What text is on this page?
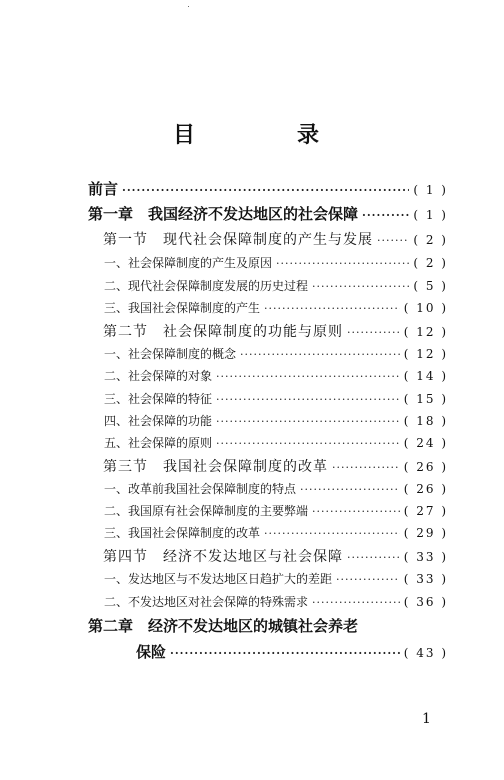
目　录
前言 ·····	( 1 )
第一章　我国经济不发达地区的社会保障 ·····	( 1 )
第一节　现代社会保障制度的产生与发展 ·····	( 2 )
一、社会保障制度的产生及原因 ·····	( 2 )
二、现代社会保障制度发展的历史过程 ·····	( 5 )
三、我国社会保障制度的产生 ·····	( 10 )
第二节　社会保障制度的功能与原则 ·····	( 12 )
一、社会保障制度的概念 ·····	( 12 )
二、社会保障的对象 ·····	( 14 )
三、社会保障的特征 ·····	( 15 )
四、社会保障的功能 ·····	( 18 )
五、社会保障的原则 ·····	( 24 )
第三节　我国社会保障制度的改革 ·····	( 26 )
一、改革前我国社会保障制度的特点 ·····	( 26 )
二、我国原有社会保障制度的主要弊端 ·····	( 27 )
三、我国社会保障制度的改革 ·····	( 29 )
第四节　经济不发达地区与社会保障 ·····	( 33 )
一、发达地区与不发达地区日趋扩大的差距 ·····	( 33 )
二、不发达地区对社会保障的特殊需求 ·····	( 36 )
第二章　经济不发达地区的城镇社会养老
保险 ·····	( 43 )
1
